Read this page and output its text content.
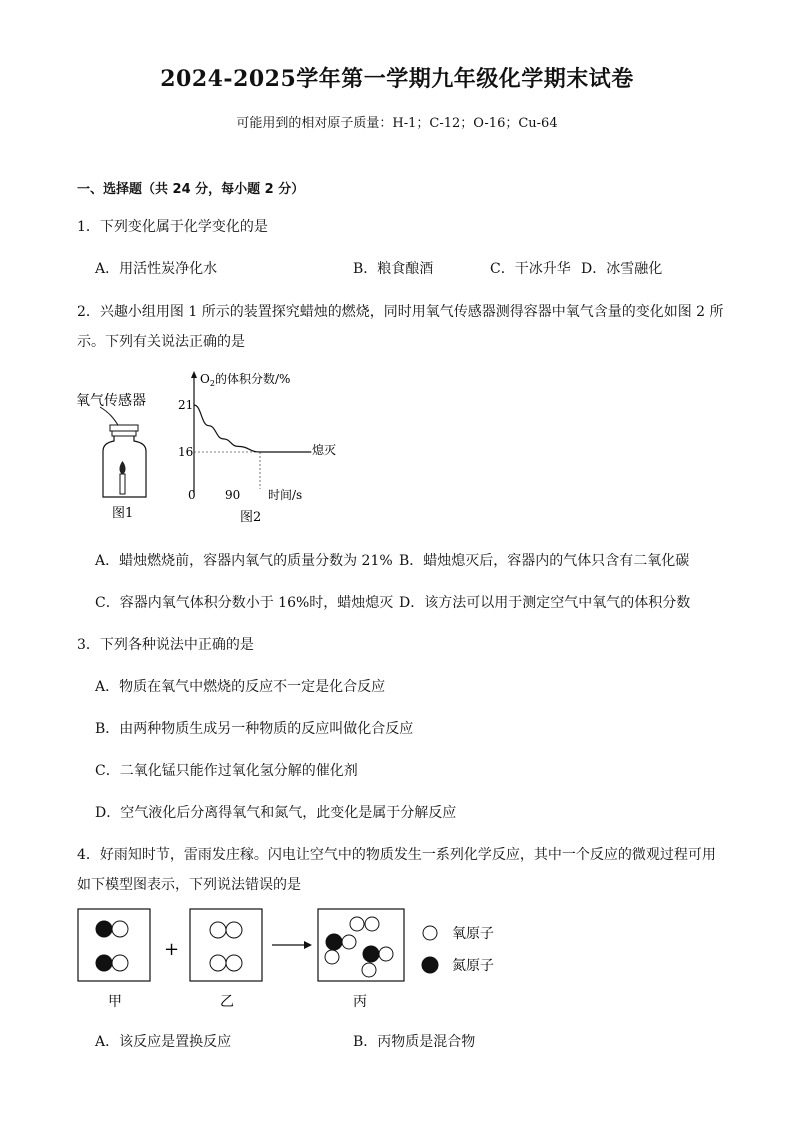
2024-2025学年第一学期九年级化学期末试卷
可能用到的相对原子质量：H-1；C-12；O-16；Cu-64
一、选择题（共 24 分，每小题 2 分）
1．下列变化属于化学变化的是
A．用活性炭净化水	B．粮食酿酒	C．干冰升华 D．冰雪融化
2．兴趣小组用图 1 所示的装置探究蜡烛的燃烧，同时用氧气传感器测得容器中氧气含量的变化如图 2 所
示。下列有关说法正确的是
氧气传感器
图1
$O_2$的体积分数/%
21
16
0 90 时间/s
熄灭
图2
A．蜡烛燃烧前，容器内氧气的质量分数为 21% B．蜡烛熄灭后，容器内的气体只含有二氧化碳
C．容器内氧气体积分数小于 16%时，蜡烛熄灭 D．该方法可以用于测定空气中氧气的体积分数
3．下列各种说法中正确的是
A．物质在氧气中燃烧的反应不一定是化合反应
B．由两种物质生成另一种物质的反应叫做化合反应
C．二氧化锰只能作过氧化氢分解的催化剂
D．空气液化后分离得氧气和氮气，此变化是属于分解反应
4．好雨知时节，雷雨发庄稼。闪电让空气中的物质发生一系列化学反应，其中一个反应的微观过程可用
如下模型图表示，下列说法错误的是
甲
+
乙	丙
氧原子
氮原子
A．该反应是置换反应	B．丙物质是混合物
